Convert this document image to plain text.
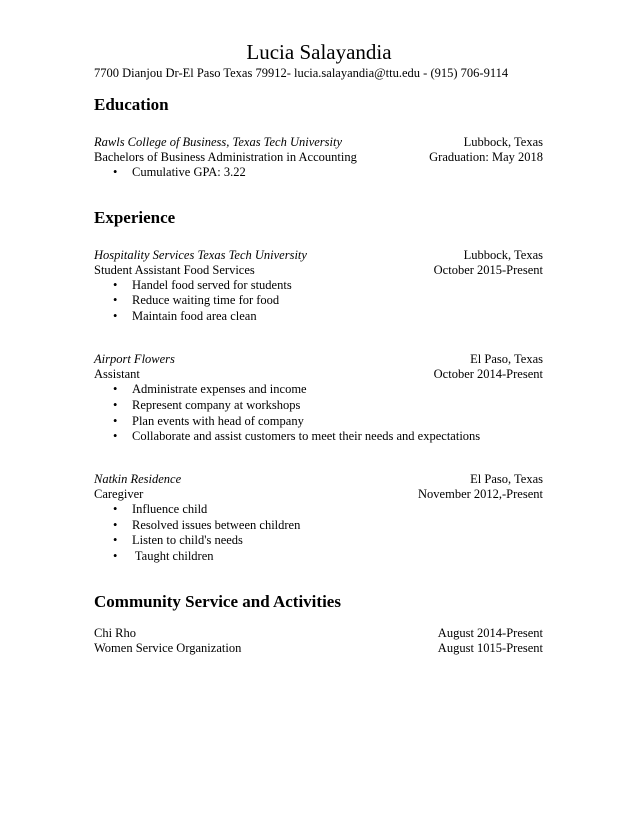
Lucia Salayandia
7700 Dianjou Dr-El Paso Texas 79912- lucia.salayandia@ttu.edu - (915) 706-9114
Education
Rawls College of Business, Texas Tech University	Lubbock, Texas
Bachelors of Business Administration in Accounting	Graduation: May 2018
• Cumulative GPA: 3.22
Experience
Hospitality Services Texas Tech University	Lubbock, Texas
Student Assistant Food Services	October 2015-Present
• Handel food served for students
• Reduce waiting time for food
• Maintain food area clean
Airport Flowers	El Paso, Texas
Assistant	October 2014-Present
• Administrate expenses and income
• Represent company at workshops
• Plan events with head of company
• Collaborate and assist customers to meet their needs and expectations
Natkin Residence	El Paso, Texas
Caregiver	November 2012,-Present
• Influence child
• Resolved issues between children
• Listen to child's needs
• Taught children
Community Service and Activities
Chi Rho	August 2014-Present
Women Service Organization	August 1015-Present
